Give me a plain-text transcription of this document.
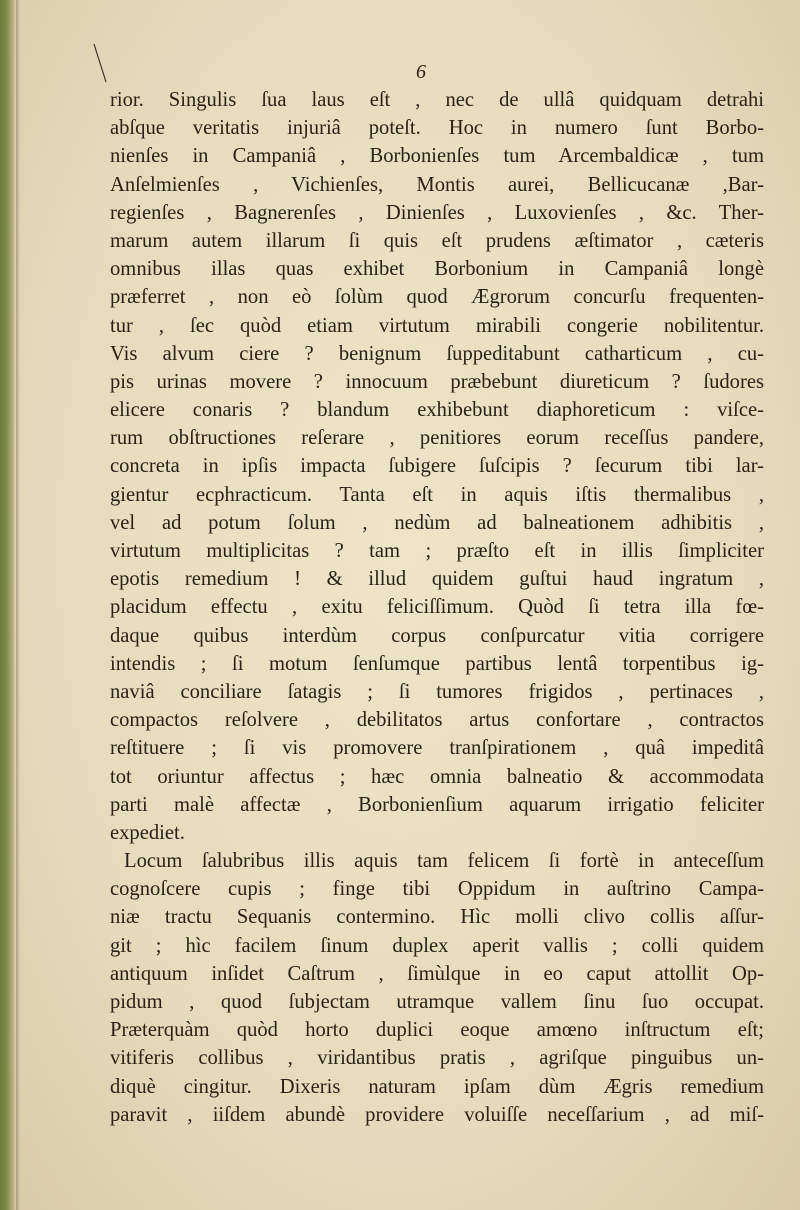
6
rior. Singulis ſua laus eſt , nec de ullâ quidquam detrahi
abſque veritatis injuriâ poteſt. Hoc in numero ſunt Borbo-
nienſes in Campaniâ , Borbonienſes tum Arcembaldicæ , tum
Anſelmienſes , Vichienſes, Montis aurei, Bellicucanæ ,Bar-
regienſes , Bagnerenſes , Dinienſes , Luxovienſes , &c. Ther-
marum autem illarum ſi quis eſt prudens æſtimator , cæteris
omnibus illas quas exhibet Borbonium in Campaniâ longè
præferret , non eò ſolùm quod Ægrorum concurſu frequenten-
tur , ſec quòd etiam virtutum mirabili congerie nobilitentur.
Vis alvum ciere ? benignum ſuppeditabunt catharticum , cu-
pis urinas movere ? innocuum præbebunt diureticum ? ſudores
elicere conaris ? blandum exhibebunt diaphoreticum : viſce-
rum obſtructiones reſerare , penitiores eorum receſſus pandere,
concreta in ipſis impacta ſubigere ſuſcipis ? ſecurum tibi lar-
gientur ecphracticum. Tanta eſt in aquis iſtis thermalibus ,
vel ad potum ſolum , nedùm ad balneationem adhibitis ,
virtutum multiplicitas ? tam ; præſto eſt in illis ſimpliciter
epotis remedium ! & illud quidem guſtui haud ingratum ,
placidum effectu , exitu feliciſſimum. Quòd ſi tetra illa fœ-
daque quibus interdùm corpus conſpurcatur vitia corrigere
intendis ; ſi motum ſenſumque partibus lentâ torpentibus ig-
naviâ conciliare ſatagis ; ſi tumores frigidos , pertinaces ,
compactos reſolvere , debilitatos artus confortare , contractos
reſtituere ; ſi vis promovere tranſpirationem , quâ impeditâ
tot oriuntur affectus ; hæc omnia balneatio & accommodata
parti malè affectæ , Borbonienſium aquarum irrigatio feliciter
expediet.
Locum ſalubribus illis aquis tam felicem ſi fortè in anteceſſum
cognoſcere cupis ; finge tibi Oppidum in auſtrino Campa-
niæ tractu Sequanis contermino. Hìc molli clivo collis aſſur-
git ; hìc facilem ſinum duplex aperit vallis ; colli quidem
antiquum inſidet Caſtrum , ſimùlque in eo caput attollit Op-
pidum , quod ſubjectam utramque vallem ſinu ſuo occupat.
Præterquàm quòd horto duplici eoque amœno inſtructum eſt;
vitiferis collibus , viridantibus pratis , agriſque pinguibus un-
diquè cingitur. Dixeris naturam ipſam dùm Ægris remedium
paravit , iiſdem abundè providere voluiſſe neceſſarium , ad miſ-
